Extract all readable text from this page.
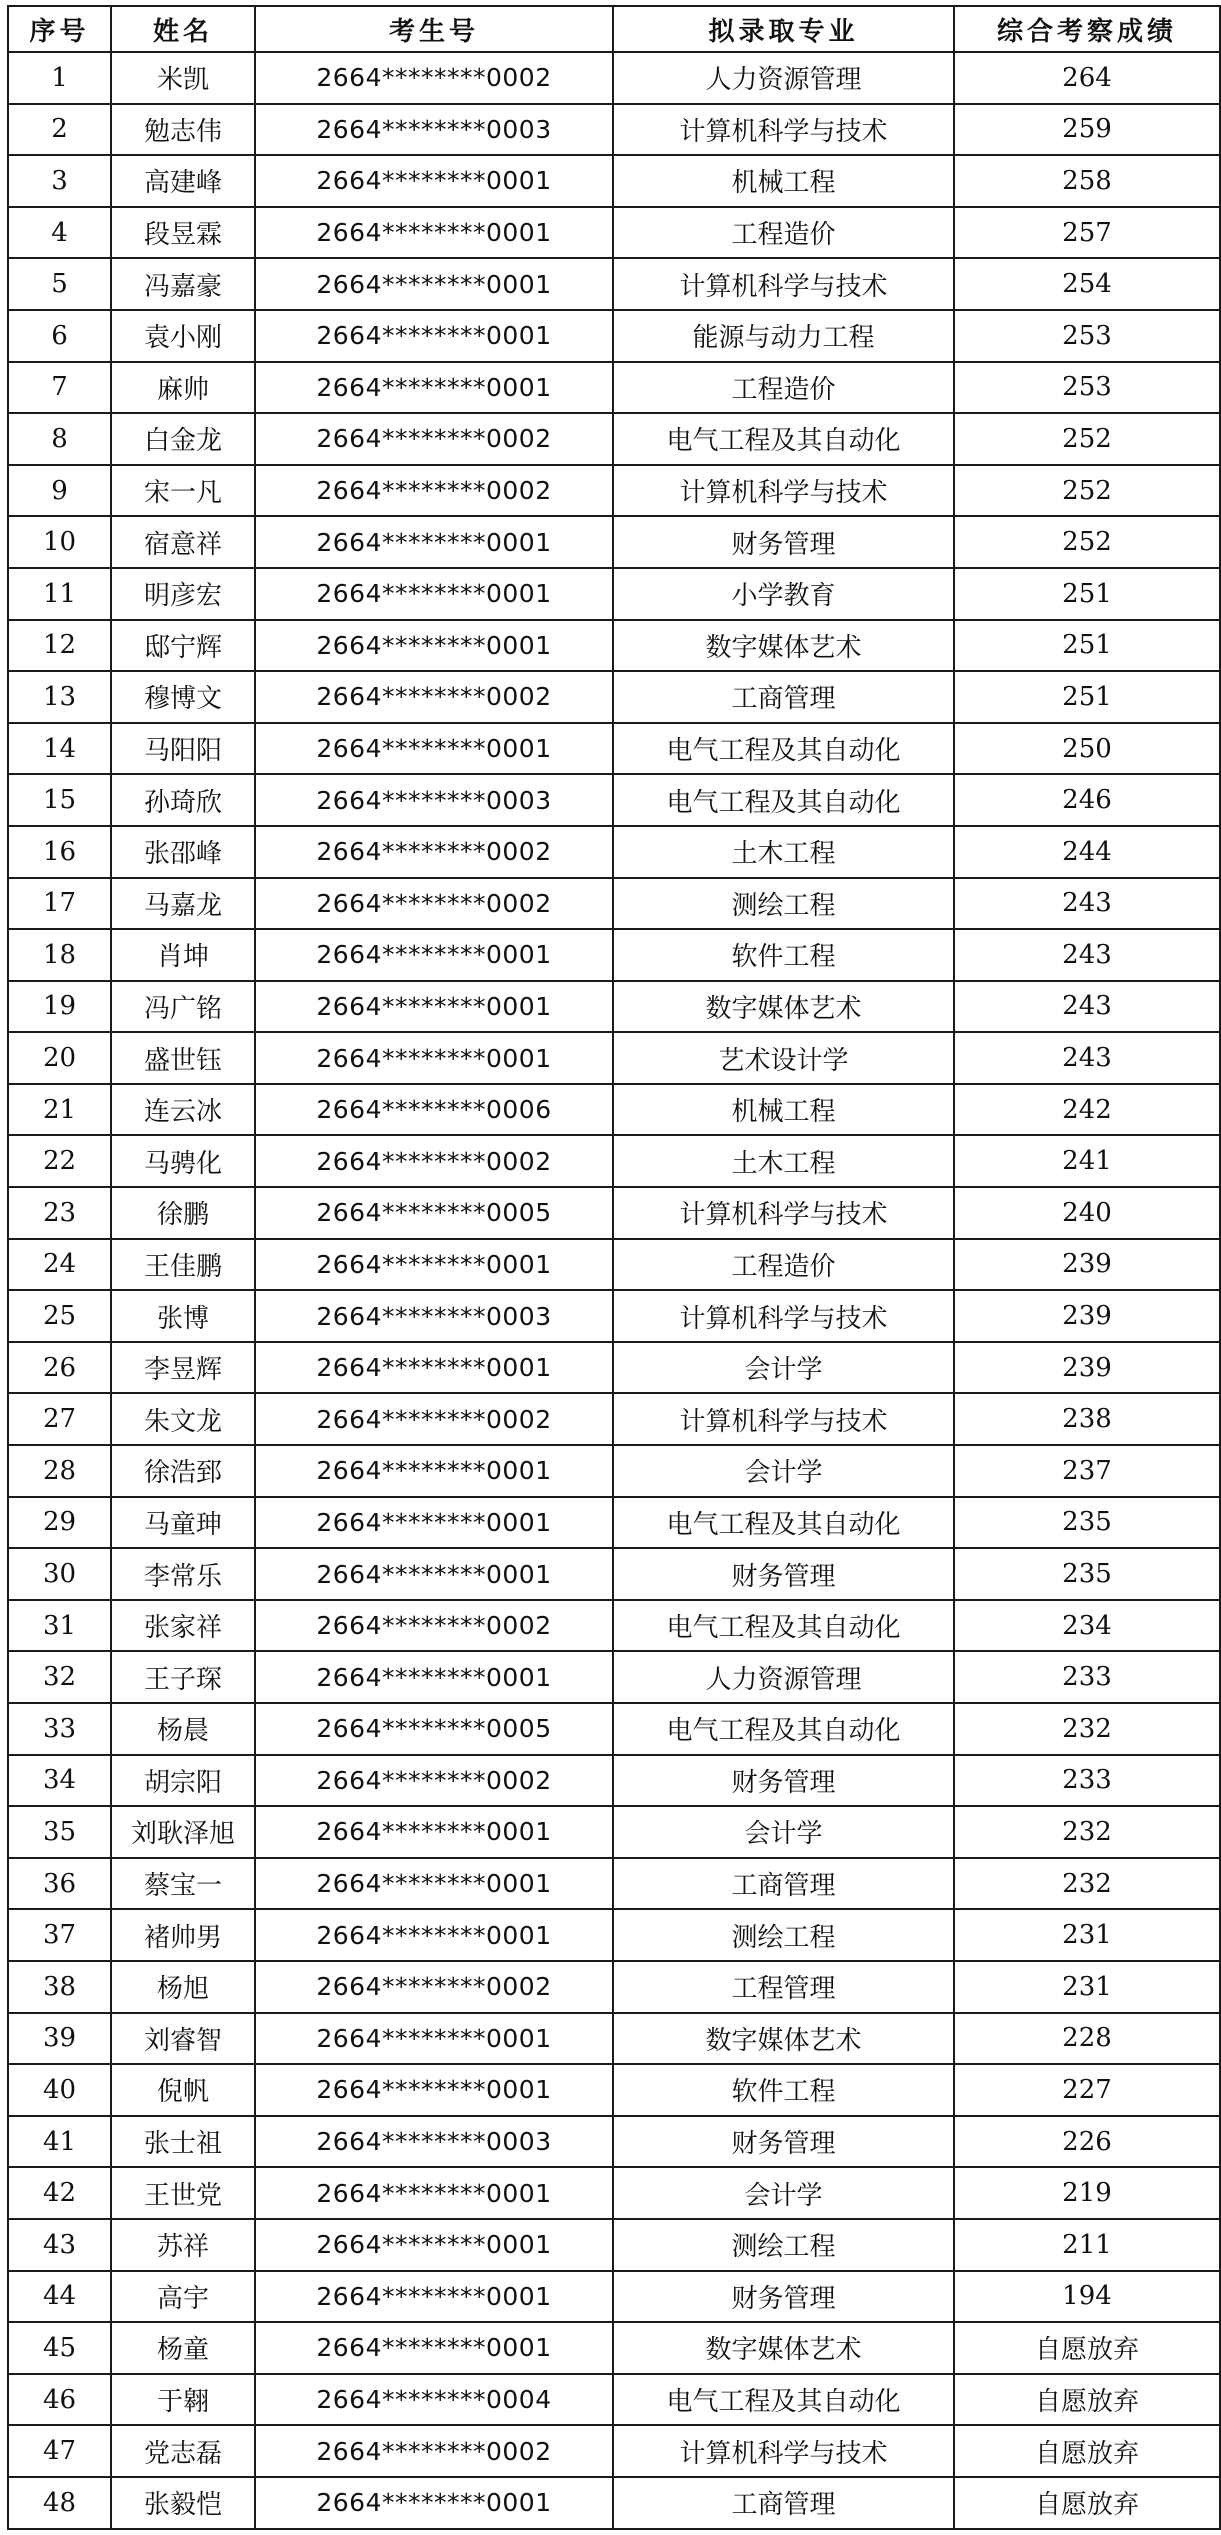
序号	姓名	考生号	拟录取专业	综合考察成绩
1	米凯	2664********0002	人力资源管理	264
2	勉志伟	2664********0003	计算机科学与技术	259
3	高建峰	2664********0001	机械工程	258
4	段昱霖	2664********0001	工程造价	257
5	冯嘉豪	2664********0001	计算机科学与技术	254
6	袁小刚	2664********0001	能源与动力工程	253
7	麻帅	2664********0001	工程造价	253
8	白金龙	2664********0002	电气工程及其自动化	252
9	宋一凡	2664********0002	计算机科学与技术	252
10	宿意祥	2664********0001	财务管理	252
11	明彦宏	2664********0001	小学教育	251
12	邸宁辉	2664********0001	数字媒体艺术	251
13	穆博文	2664********0002	工商管理	251
14	马阳阳	2664********0001	电气工程及其自动化	250
15	孙琦欣	2664********0003	电气工程及其自动化	246
16	张邵峰	2664********0002	土木工程	244
17	马嘉龙	2664********0002	测绘工程	243
18	肖坤	2664********0001	软件工程	243
19	冯广铭	2664********0001	数字媒体艺术	243
20	盛世钰	2664********0001	艺术设计学	243
21	连云冰	2664********0006	机械工程	242
22	马骋化	2664********0002	土木工程	241
23	徐鹏	2664********0005	计算机科学与技术	240
24	王佳鹏	2664********0001	工程造价	239
25	张博	2664********0003	计算机科学与技术	239
26	李昱辉	2664********0001	会计学	239
27	朱文龙	2664********0002	计算机科学与技术	238
28	徐浩郅	2664********0001	会计学	237
29	马童珅	2664********0001	电气工程及其自动化	235
30	李常乐	2664********0001	财务管理	235
31	张家祥	2664********0002	电气工程及其自动化	234
32	王子琛	2664********0001	人力资源管理	233
33	杨晨	2664********0005	电气工程及其自动化	232
34	胡宗阳	2664********0002	财务管理	233
35	刘耿泽旭	2664********0001	会计学	232
36	蔡宝一	2664********0001	工商管理	232
37	褚帅男	2664********0001	测绘工程	231
38	杨旭	2664********0002	工程管理	231
39	刘睿智	2664********0001	数字媒体艺术	228
40	倪帆	2664********0001	软件工程	227
41	张士祖	2664********0003	财务管理	226
42	王世党	2664********0001	会计学	219
43	苏祥	2664********0001	测绘工程	211
44	高宇	2664********0001	财务管理	194
45	杨童	2664********0001	数字媒体艺术	自愿放弃
46	于翱	2664********0004	电气工程及其自动化	自愿放弃
47	党志磊	2664********0002	计算机科学与技术	自愿放弃
48	张毅恺	2664********0001	工商管理	自愿放弃
